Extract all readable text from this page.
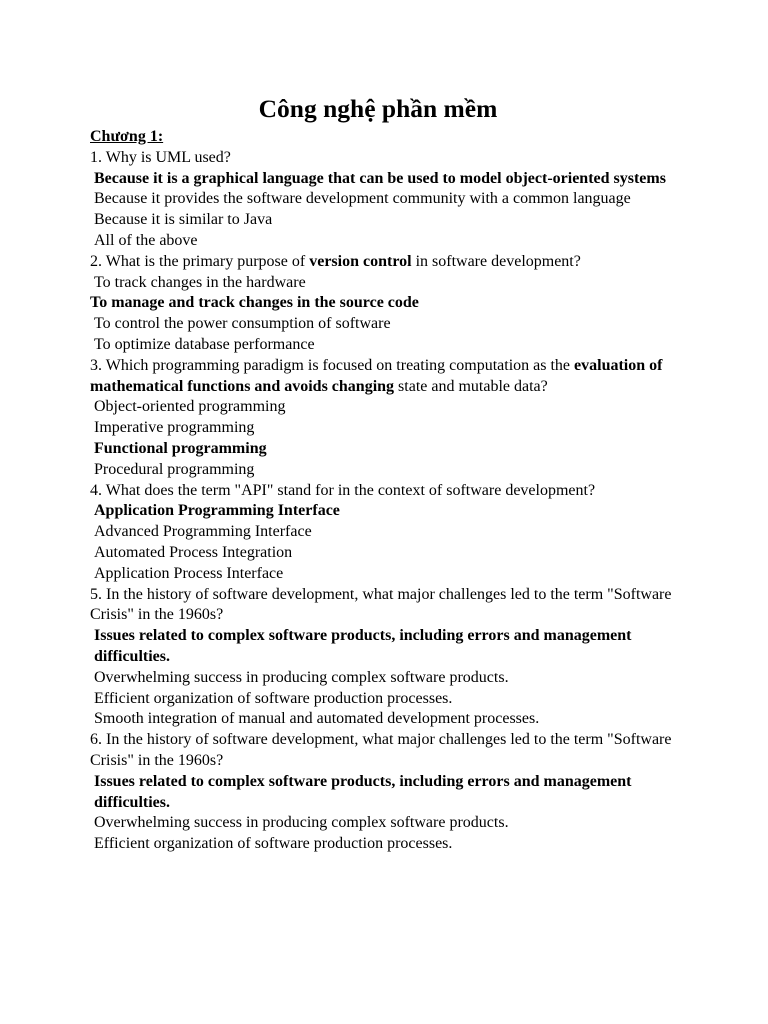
Công nghệ phần mềm
Chương 1:
1. Why is UML used?
Because it is a graphical language that can be used to model object-oriented systems
Because it provides the software development community with a common language
Because it is similar to Java
All of the above
2. What is the primary purpose of version control in software development?
To track changes in the hardware
To manage and track changes in the source code
To control the power consumption of software
To optimize database performance
3. Which programming paradigm is focused on treating computation as the evaluation of mathematical functions and avoids changing state and mutable data?
Object-oriented programming
Imperative programming
Functional programming
Procedural programming
4. What does the term "API" stand for in the context of software development?
Application Programming Interface
Advanced Programming Interface
Automated Process Integration
Application Process Interface
5. In the history of software development, what major challenges led to the term "Software Crisis" in the 1960s?
Issues related to complex software products, including errors and management difficulties.
Overwhelming success in producing complex software products.
Efficient organization of software production processes.
Smooth integration of manual and automated development processes.
6. In the history of software development, what major challenges led to the term "Software Crisis" in the 1960s?
Issues related to complex software products, including errors and management difficulties.
Overwhelming success in producing complex software products.
Efficient organization of software production processes.
